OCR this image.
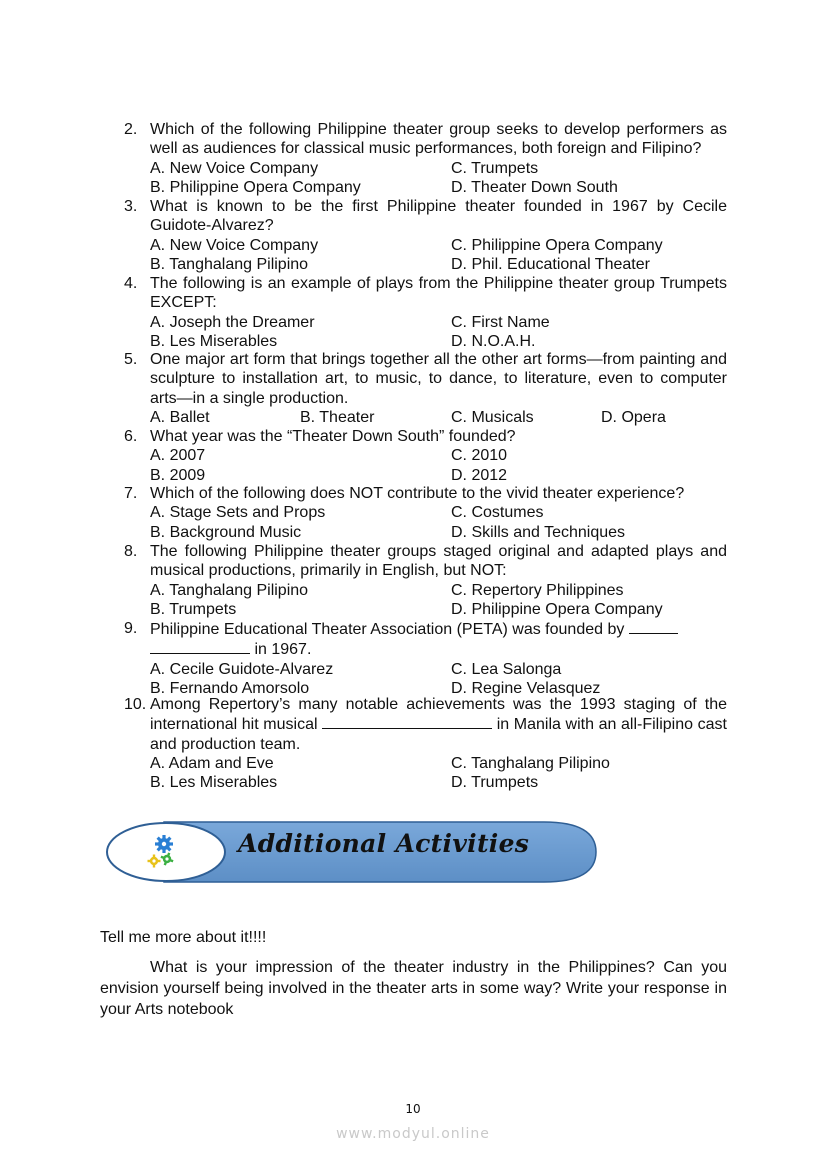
2. Which of the following Philippine theater group seeks to develop performers as well as audiences for classical music performances, both foreign and Filipino?
A. New Voice Company	C. Trumpets
B. Philippine Opera Company	D. Theater Down South
3. What is known to be the first Philippine theater founded in 1967 by Cecile Guidote-Alvarez?
A. New Voice Company	C. Philippine Opera Company
B. Tanghalang Pilipino	D. Phil. Educational Theater
4. The following is an example of plays from the Philippine theater group Trumpets EXCEPT:
A. Joseph the Dreamer	C. First Name
B. Les Miserables	D. N.O.A.H.
5. One major art form that brings together all the other art forms—from painting and sculpture to installation art, to music, to dance, to literature, even to computer arts—in a single production.
A. Ballet	B. Theater	C. Musicals	D. Opera
6. What year was the “Theater Down South” founded?
A. 2007	C. 2010
B. 2009	D. 2012
7. Which of the following does NOT contribute to the vivid theater experience?
A. Stage Sets and Props	C. Costumes
B. Background Music	D. Skills and Techniques
8. The following Philippine theater groups staged original and adapted plays and musical productions, primarily in English, but NOT:
A. Tanghalang Pilipino	C. Repertory Philippines
B. Trumpets	D. Philippine Opera Company
9. Philippine Educational Theater Association (PETA) was founded by
in 1967.
A. Cecile Guidote-Alvarez	C. Lea Salonga
B. Fernando Amorsolo	D. Regine Velasquez
10. Among Repertory’s many notable achievements was the 1993 staging of the international hit musical	in Manila with an all-Filipino cast and production team.
A. Adam and Eve	C. Tanghalang Pilipino
B. Les Miserables	D. Trumpets
Additional Activities
Tell me more about it!!!!
What is your impression of the theater industry in the Philippines? Can you envision yourself being involved in the theater arts in some way? Write your response in your Arts notebook
10
www.modyul.online
